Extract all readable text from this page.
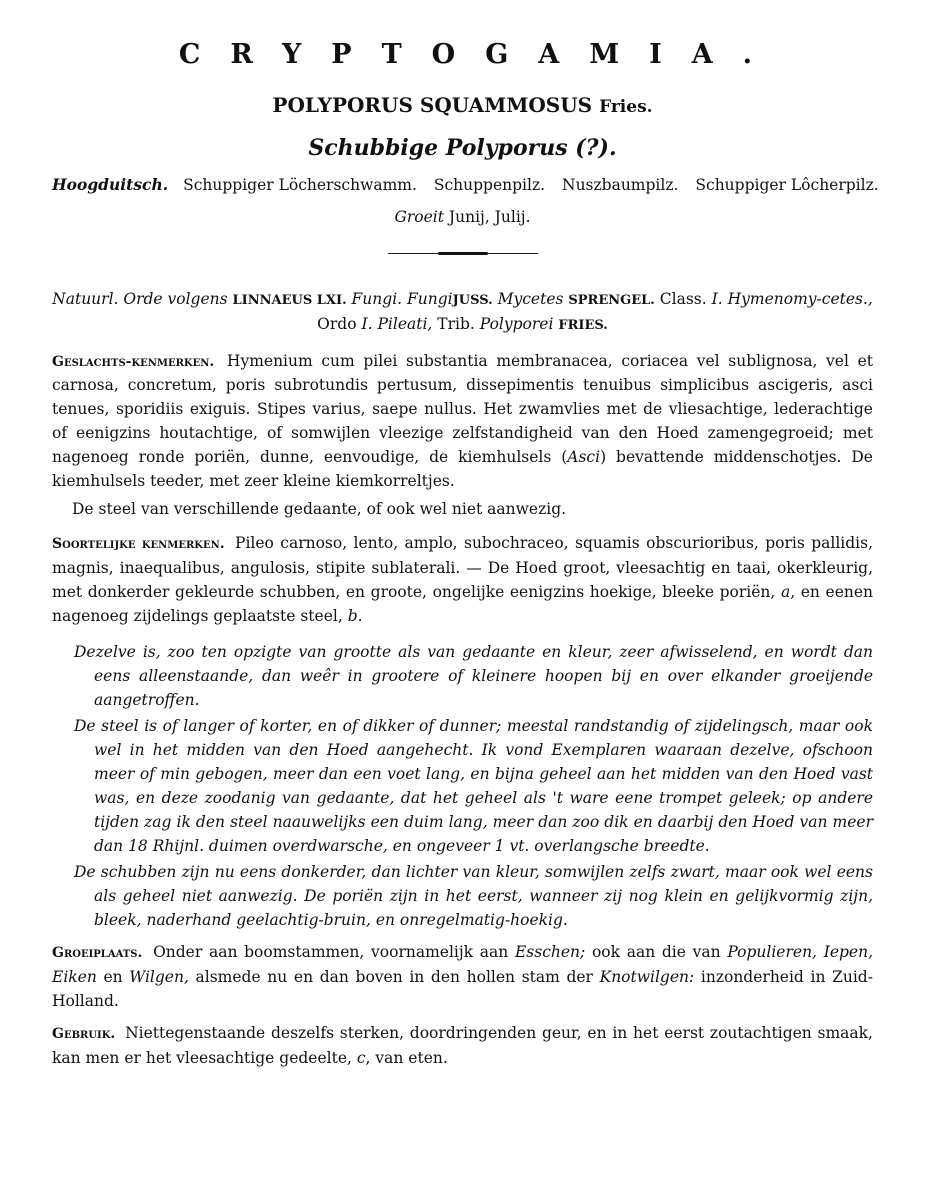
CRYPTOGAMIA.
POLYPORUS SQUAMMOSUS Fries.
Schubbige Polyporus (?).
Hoogduitsch. Schuppiger Löcherschwamm. Schuppenpilz. Nuszbaumpilz. Schuppiger Lôcherpilz.
Groeit Junij, Julij.
Natuurl. Orde volgens LINNAEUS LXI. Fungi. FungiJUSS. Mycetes SPRENGEL. Class. I. Hymenomy-cetes., Ordo I. Pileati, Trib. Polyporei FRIES.

Geslachts-kenmerken. Hymenium cum pilei substantia membranacea, coriacea vel sublignosa, vel et carnosa, concretum, poris subrotundis pertusum, dissepimentis tenuibus simplicibus ascigeris, asci tenues, sporidiis exiguis. Stipes varius, saepe nullus. Het zwamvlies met de vliesachtige, lederachtige of eenigzins houtachtige, of somwijlen vleezige zelfstandigheid van den Hoed zamengegroeid; met nagenoeg ronde poriën, dunne, eenvoudige, de kiemhulsels (Asci) bevattende middenschotjes. De kiemhulsels teeder, met zeer kleine kiemkorreltjes.

De steel van verschillende gedaante, of ook wel niet aanwezig.

Soortelijke kenmerken. Pileo carnoso, lento, amplo, subochraceo, squamis obscurioribus, poris pallidis, magnis, inaequalibus, angulosis, stipite sublaterali. — De Hoed groot, vleesachtig en taai, okerkleurig, met donkerder gekleurde schubben, en groote, ongelijke eenigzins hoekige, bleeke poriën, a, en eenen nagenoeg zijdelings geplaatste steel, b.

Dezelve is, zoo ten opzigte van grootte als van gedaante en kleur, zeer afwisselend, en wordt dan eens alleenstaande, dan weêr in grootere of kleinere hoopen bij en over elkander groeijende aangetroffen.

De steel is of langer of korter, en of dikker of dunner; meestal randstandig of zijdelingsch, maar ook wel in het midden van den Hoed aangehecht. Ik vond Exemplaren waaraan dezelve, ofschoon meer of min gebogen, meer dan een voet lang, en bijna geheel aan het midden van den Hoed vast was, en deze zoodanig van gedaante, dat het geheel als 't ware eene trompet geleek; op andere tijden zag ik den steel naauwelijks een duim lang, meer dan zoo dik en daarbij den Hoed van meer dan 18 Rhijnl. duimen overdwarsche, en ongeveer 1 vt. overlangsche breedte.

De schubben zijn nu eens donkerder, dan lichter van kleur, somwijlen zelfs zwart, maar ook wel eens als geheel niet aanwezig. De poriën zijn in het eerst, wanneer zij nog klein en gelijkvormig zijn, bleek, naderhand geelachtig-bruin, en onregelmatig-hoekig.

Groeiplaats. Onder aan boomstammen, voornamelijk aan Esschen; ook aan die van Populieren, Iepen, Eiken en Wilgen, alsmede nu en dan boven in den hollen stam der Knotwilgen: inzonderheid in Zuid-Holland.

Gebruik. Niettegenstaande deszelfs sterken, doordringenden geur, en in het eerst zoutachtigen smaak, kan men er het vleesachtige gedeelte, c, van eten.
